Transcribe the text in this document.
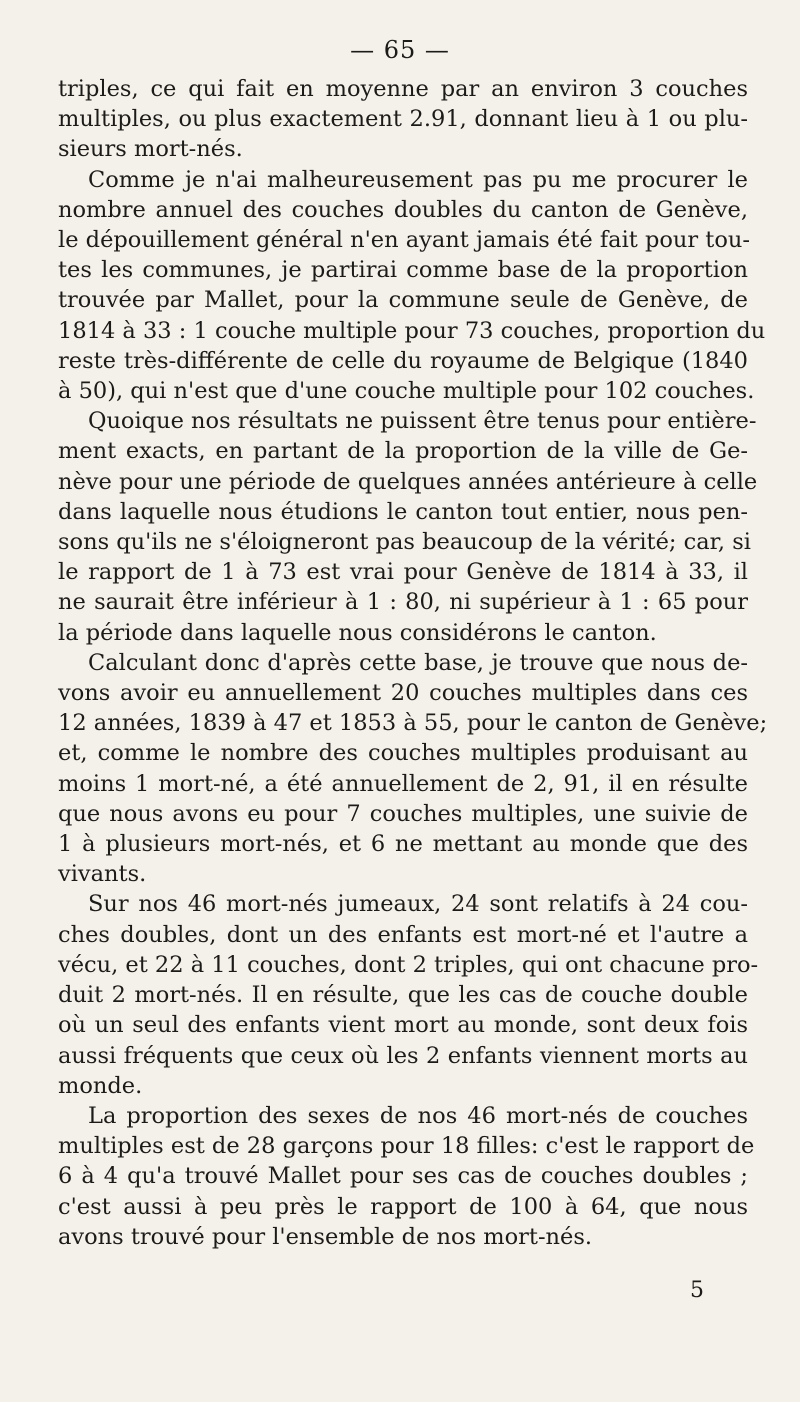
— 65 —

triples, ce qui fait en moyenne par an environ 3 couches
multiples, ou plus exactement 2.91, donnant lieu à 1 ou plu-
sieurs mort-nés.

Comme je n'ai malheureusement pas pu me procurer le
nombre annuel des couches doubles du canton de Genève,
le dépouillement général n'en ayant jamais été fait pour tou-
tes les communes, je partirai comme base de la proportion
trouvée par Mallet, pour la commune seule de Genève, de
1814 à 33 : 1 couche multiple pour 73 couches, proportion du
reste très-différente de celle du royaume de Belgique (1840
à 50), qui n'est que d'une couche multiple pour 102 couches.
Quoique nos résultats ne puissent être tenus pour entière-
ment exacts, en partant de la proportion de la ville de Ge-
nève pour une période de quelques années antérieure à celle
dans laquelle nous étudions le canton tout entier, nous pen-
sons qu'ils ne s'éloigneront pas beaucoup de la vérité; car, si
le rapport de 1 à 73 est vrai pour Genève de 1814 à 33, il
ne saurait être inférieur à 1 : 80, ni supérieur à 1 : 65 pour
la période dans laquelle nous considérons le canton.

Calculant donc d'après cette base, je trouve que nous de-
vons avoir eu annuellement 20 couches multiples dans ces
12 années, 1839 à 47 et 1853 à 55, pour le canton de Genève;
et, comme le nombre des couches multiples produisant au
moins 1 mort-né, a été annuellement de 2, 91, il en résulte
que nous avons eu pour 7 couches multiples, une suivie de
1 à plusieurs mort-nés, et 6 ne mettant au monde que des
vivants.

Sur nos 46 mort-nés jumeaux, 24 sont relatifs à 24 cou-
ches doubles, dont un des enfants est mort-né et l'autre a
vécu, et 22 à 11 couches, dont 2 triples, qui ont chacune pro-
duit 2 mort-nés. Il en résulte, que les cas de couche double
où un seul des enfants vient mort au monde, sont deux fois
aussi fréquents que ceux où les 2 enfants viennent morts au
monde.

La proportion des sexes de nos 46 mort-nés de couches
multiples est de 28 garçons pour 18 filles: c'est le rapport de
6 à 4 qu'a trouvé Mallet pour ses cas de couches doubles ;
c'est aussi à peu près le rapport de 100 à 64, que nous
avons trouvé pour l'ensemble de nos mort-nés.

5
